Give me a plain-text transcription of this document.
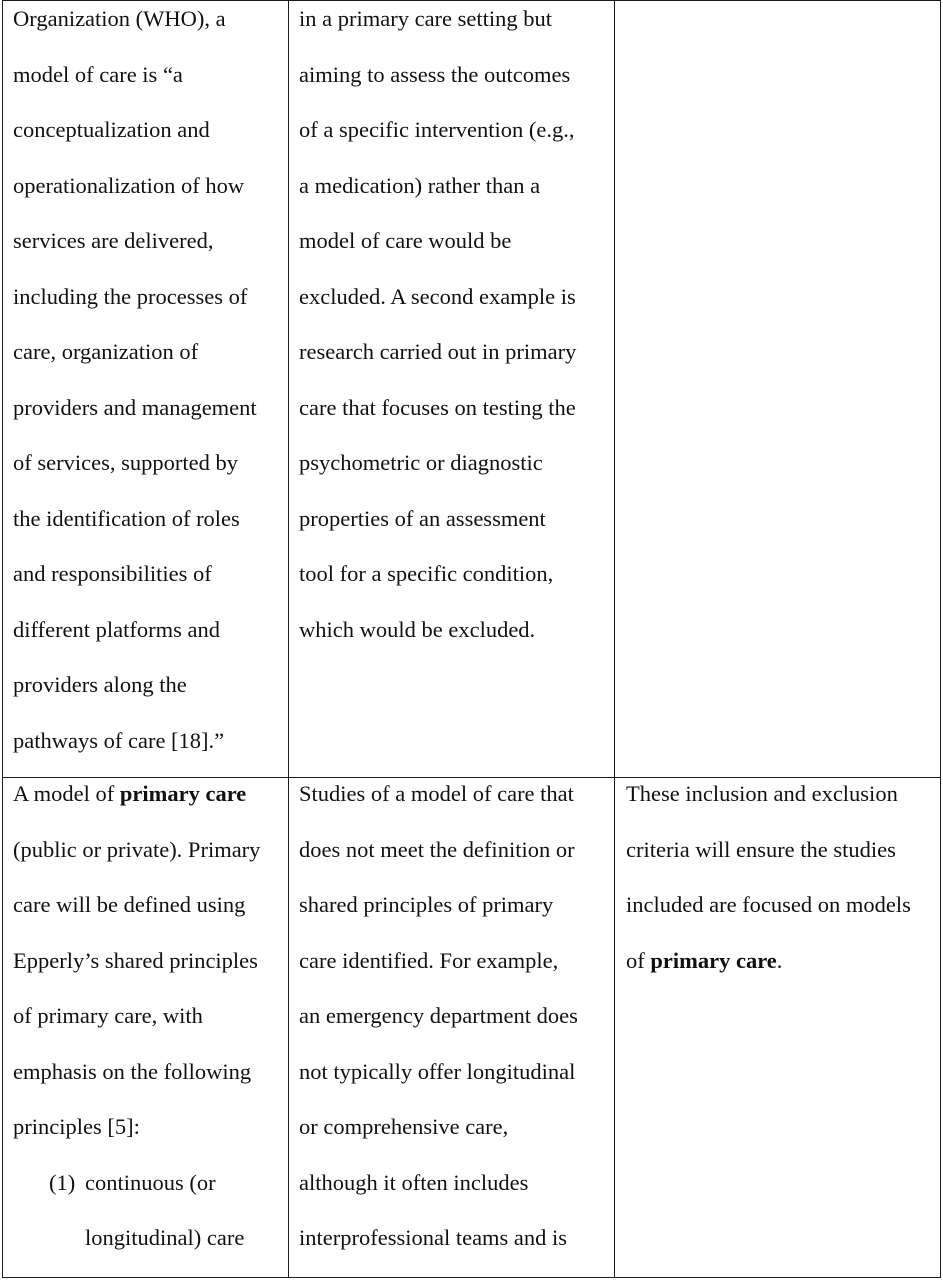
Organization (WHO), a
model of care is “a
conceptualization and
operationalization of how
services are delivered,
including the processes of
care, organization of
providers and management
of services, supported by
the identification of roles
and responsibilities of
different platforms and
providers along the
pathways of care [18].”
in a primary care setting but
aiming to assess the outcomes
of a specific intervention (e.g.,
a medication) rather than a
model of care would be
excluded. A second example is
research carried out in primary
care that focuses on testing the
psychometric or diagnostic
properties of an assessment
tool for a specific condition,
which would be excluded.
A model of primary care
(public or private). Primary
care will be defined using
Epperly’s shared principles
of primary care, with
emphasis on the following
principles [5]:
(1) continuous (or
longitudinal) care
Studies of a model of care that
does not meet the definition or
shared principles of primary
care identified. For example,
an emergency department does
not typically offer longitudinal
or comprehensive care,
although it often includes
interprofessional teams and is
These inclusion and exclusion
criteria will ensure the studies
included are focused on models
of primary care.
